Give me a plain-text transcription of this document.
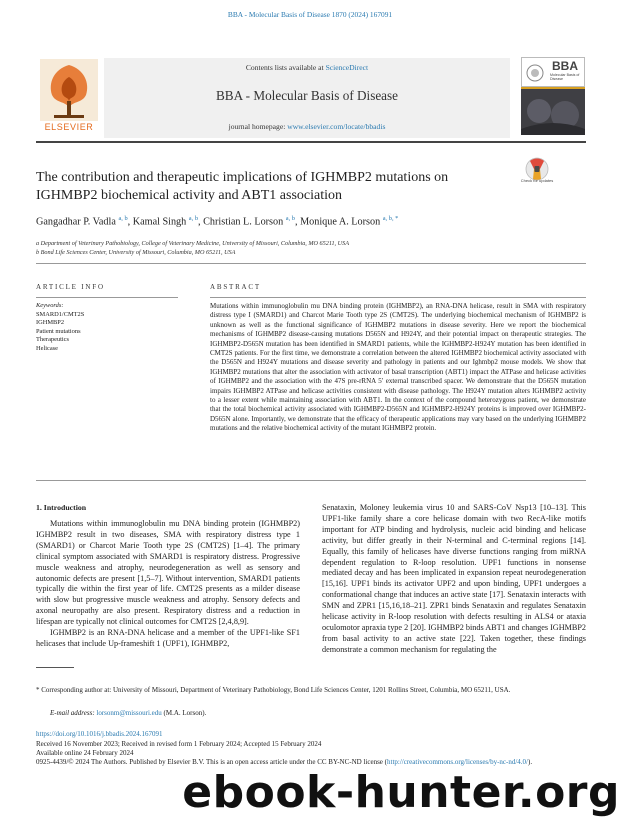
BBA - Molecular Basis of Disease 1870 (2024) 167091
ELSEVIER
Contents lists available at ScienceDirect
BBA - Molecular Basis of Disease
journal homepage: www.elsevier.com/locate/bbadis
BBA
Molecular Basis of Disease
The contribution and therapeutic implications of IGHMBP2 mutations on IGHMBP2 biochemical activity and ABT1 association
Check for updates
Gangadhar P. Vadla $^{a, b}$, Kamal Singh $^{a, b}$, Christian L. Lorson $^{a, b}$, Monique A. Lorson $^{a, b, *}$
a Department of Veterinary Pathobiology, College of Veterinary Medicine, University of Missouri, Columbia, MO 65211, USA
b Bond Life Sciences Center, University of Missouri, Columbia, MO 65211, USA
ARTICLE INFO	ABSTRACT
Keywords:
SMARD1/CMT2S
IGHMBP2
Patient mutations
Therapeutics
Helicase
Mutations within immunoglobulin mu DNA binding protein (IGHMBP2), an RNA-DNA helicase, result in SMA with respiratory distress type I (SMARD1) and Charcot Marie Tooth type 2S (CMT2S). The underlying biochemical mechanism of IGHMBP2 is unknown as well as the functional significance of IGHMBP2 mutations in disease severity. Here we report the biochemical mechanisms of IGHMBP2 disease-causing mutations D565N and H924Y, and their potential impact on therapeutic strategies. The IGHMBP2-D565N mutation has been identified in SMARD1 patients, while the IGHMBP2-H924Y mutation has been identified in CMT2S patients. For the first time, we demonstrate a correlation between the altered IGHMBP2 biochemical activity associated with the D565N and H924Y mutations and disease severity and pathology in patients and our Ighmbp2 mouse models. We show that IGHMBP2 mutations that alter the association with activator of basal transcription (ABT1) impact the ATPase and helicase activities of IGHMBP2 and the association with the 47S pre-rRNA 5′ external transcribed spacer. We demonstrate that the D565N mutation impairs IGHMBP2 ATPase and helicase activities consistent with disease pathology. The H924Y mutation alters IGHMBP2 activity to a lesser extent while maintaining association with ABT1. In the context of the compound heterozygous patient, we demonstrate that the total biochemical activity associated with IGHMBP2-D565N and IGHMBP2-H924Y proteins is improved over IGHMBP2-D565N alone. Importantly, we demonstrate that the efficacy of therapeutic applications may vary based on the underlying IGHMBP2 mutations and the relative biochemical activity of the mutant IGHMBP2 protein.
1. Introduction

Mutations within immunoglobulin mu DNA binding protein (IGHMBP2) IGHMBP2 result in two diseases, SMA with respiratory distress type 1 (SMARD1) or Charcot Marie Tooth type 2S (CMT2S) [1–4]. The primary clinical symptom associated with SMARD1 is respiratory distress. Progressive muscle weakness and atrophy, neurodegeneration as well as sensory and autonomic defects are present [1,5–7]. Without intervention, SMARD1 patients typically die within the first year of life. CMT2S presents as a milder disease with slow but progressive muscle weakness and atrophy. Sensory defects and axonal neuropathy are also present. Respiratory distress and a reduction in lifespan are typically not clinical outcomes for CMT2S [2,4,8,9].

IGHMBP2 is an RNA-DNA helicase and a member of the UPF1-like SF1 helicases that include Up-frameshift 1 (UPF1), IGHMBP2,

Senataxin, Moloney leukemia virus 10 and SARS-CoV Nsp13 [10–13]. This UPF1-like family share a core helicase domain with two RecA-like motifs important for ATP binding and hydrolysis, nucleic acid binding and helicase activity, but differ greatly in their N-terminal and C-terminal regions [14]. Equally, this family of helicases have diverse functions ranging from miRNA dependent regulation to R-loop resolution. UPF1 functions in nonsense mediated decay and has been implicated in expansion repeat neurodegeneration [15,16]. UPF1 binds its activator UPF2 and upon binding, UPF1 undergoes a conformational change that induces an active state [17]. Senataxin interacts with SMN and ZPR1 [15,16,18–21]. ZPR1 binds Senataxin and regulates Senataxin helicase activity in R-loop resolution with defects resulting in ALS4 or ataxia oculomotor apraxia type 2 [20]. IGHMBP2 binds ABT1 and changes IGHMBP2 from basal activity to an active state [22]. Taken together, these findings demonstrate a common mechanism for regulating the

* Corresponding author at: University of Missouri, Department of Veterinary Pathobiology, Bond Life Sciences Center, 1201 Rollins Street, Columbia, MO 65211, USA.
E-mail address: lorsonm@missouri.edu (M.A. Lorson).
https://doi.org/10.1016/j.bbadis.2024.167091
Received 16 November 2023; Received in revised form 1 February 2024; Accepted 15 February 2024
Available online 24 February 2024
0925-4439/© 2024 The Authors. Published by Elsevier B.V. This is an open access article under the CC BY-NC-ND license (http://creativecommons.org/licenses/by-nc-nd/4.0/).
ebook-hunter.org
